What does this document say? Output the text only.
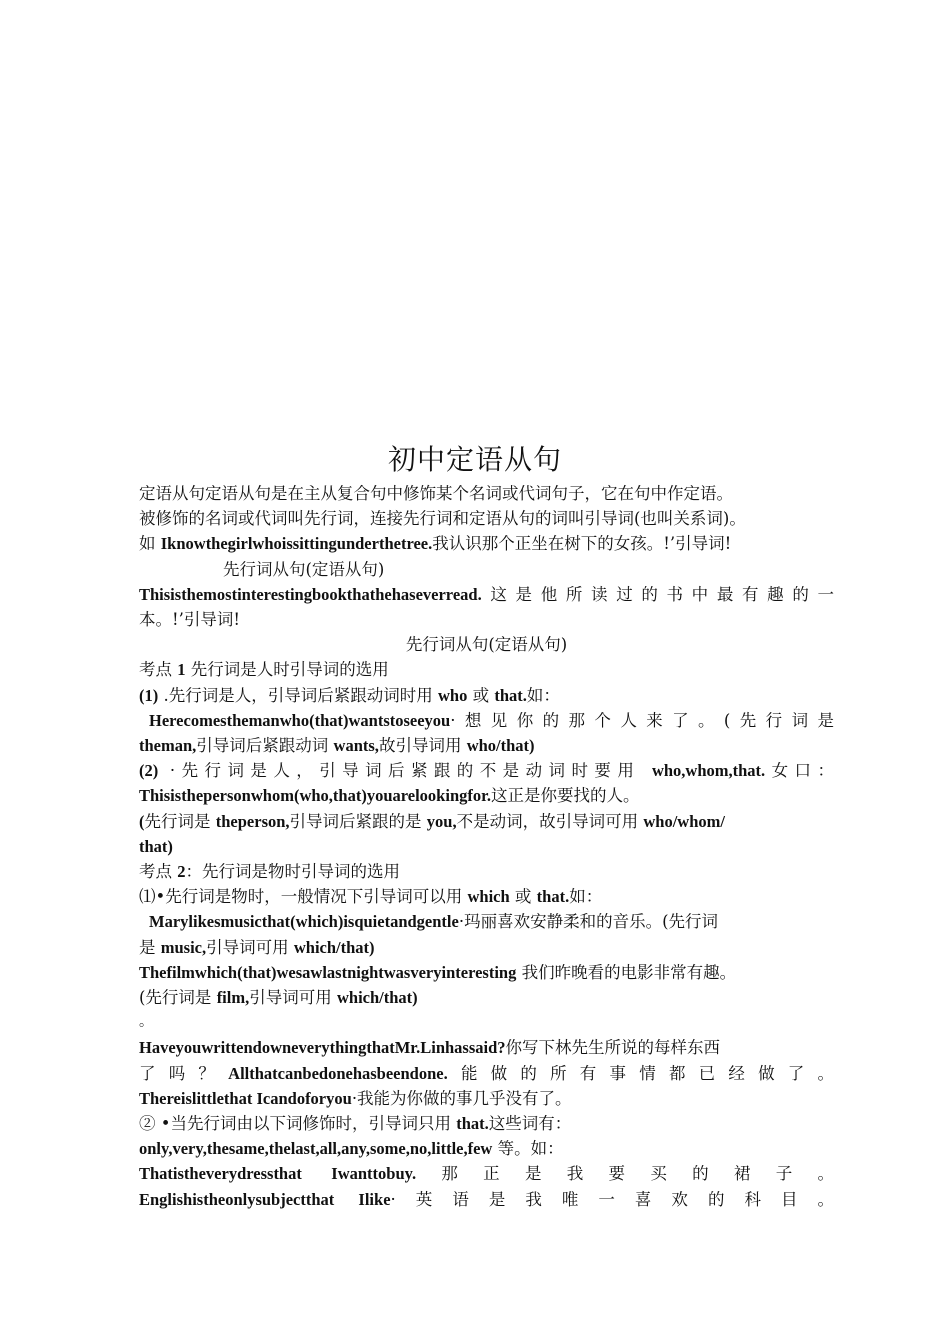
初中定语从句

定语从句定语从句是在主从复合句中修饰某个名词或代词句子，它在句中作定语。

被修饰的名词或代词叫先行词，连接先行词和定语从句的词叫引导词(也叫关系词)。

如 Iknowthegirlwhoissittingunderthetree.我认识那个正坐在树下的女孩。!’引导词!

先行词从句(定语从句)

Thisisthemostinterestingbookthathehaseverread.这是他所读过的书中最有趣的一

本。!’引导词!

先行词从句(定语从句)

考点 1 先行词是人时引导词的选用

(1) .先行词是人，引导词后紧跟动词时用 who 或 that.如：

Herecomesthemanwho(that)wantstoseeyou·想见你的那个人来了。(先行词是

theman,引导词后紧跟动词 wants,故引导词用 who/that)

(2) ·先行词是人，引导词后紧跟的不是动词时要用 who,whom,that.女口：

Thisisthepersonwhom(who,that)youarelookingfor.这正是你要找的人。

(先行词是 theperson,引导词后紧跟的是 you,不是动词，故引导词可用 who/whom/

that)

考点 2：先行词是物时引导词的选用

⑴•先行词是物时，一般情况下引导词可以用 which 或 that.如：

Marylikesmusicthat(which)isquietandgentle·玛丽喜欢安静柔和的音乐。(先行词

是 music,引导词可用 which/that)

Thefilmwhich(that)wesawlastnightwasveryinteresting 我们昨晚看的电影非常有趣。

(先行词是 film,引导词可用 which/that)

。

HaveyouwrittendowneverythingthatMr.Linhassaid?你写下林先生所说的每样东西

了吗？Allthatcanbedonehasbeendone.能做的所有事情都已经做了。

Thereislittlethat Icandoforyou·我能为你做的事几乎没有了。

② •当先行词由以下词修饰时，引导词只用 that.这些词有：

only,very,thesame,thelast,all,any,some,no,little,few 等。如：

Thatistheverydressthat Iwanttobuy.那正是我要买的裙子。

Englishistheonlysubjectthat Ilike·英语是我唯一喜欢的科目。
